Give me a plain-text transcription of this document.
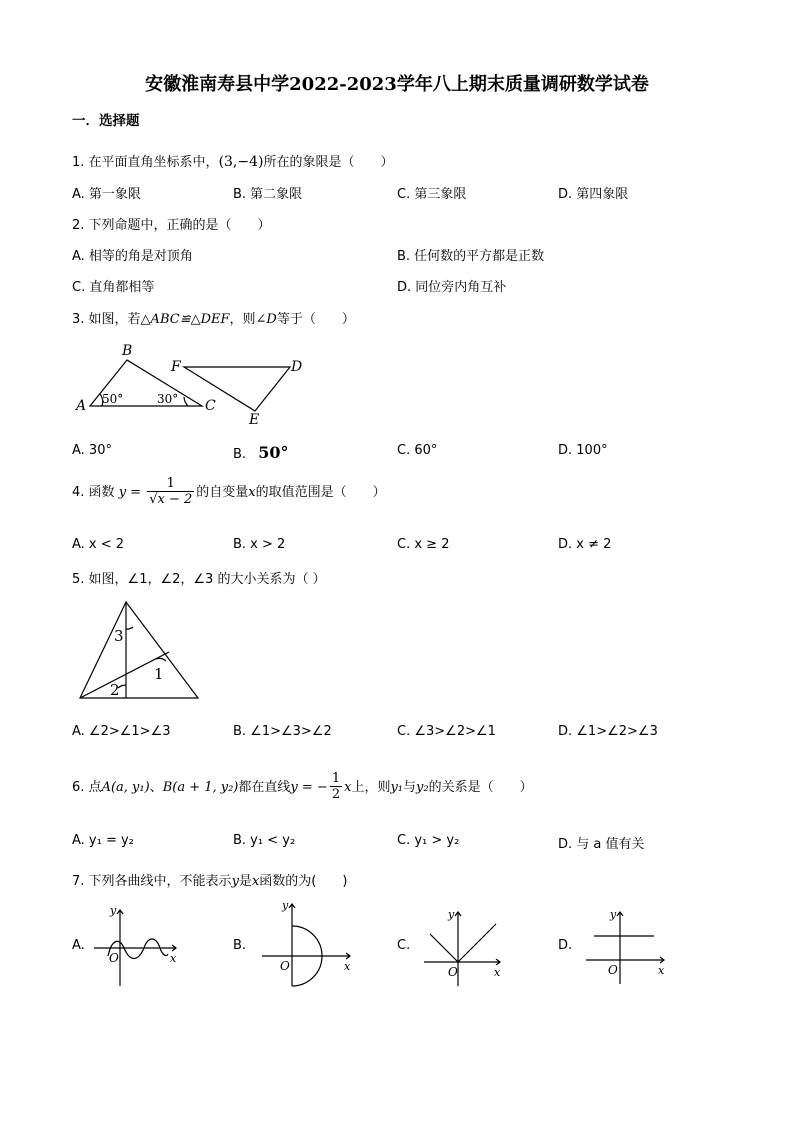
安徽淮南寿县中学2022-2023学年八上期末质量调研数学试卷
一．选择题
1. 在平面直角坐标系中，(3,−4)所在的象限是（　　）
A. 第一象限	B. 第二象限	C. 第三象限	D. 第四象限
2. 下列命题中，正确的是（　　）
A. 相等的角是对顶角	B. 任何数的平方都是正数
C. 直角都相等	D. 同位旁内角互补
3. 如图，若△ABC≌△DEF，则∠D等于（　　）
A
B
C
F	D
E
50°	30°
A. 30°	B. 50°	C. 60°	D. 100°
4. 函数 $y = \frac{1}{√x - 2}$ 的自变量x的取值范围是（　　）
A. x < 2	B. x > 2	C. x ≥ 2	D. x ≠ 2
5. 如图，∠1，∠2，∠3 的大小关系为（ ）
3
1
2
A. ∠2>∠1>∠3	B. ∠1>∠3>∠2	C. ∠3>∠2>∠1	D. ∠1>∠2>∠3
6. 点A(a, y₁)、B(a + 1, y₂)都在直线y = − $\frac{1}{2}$ x上，则y₁与y₂的关系是（　　）
A. y₁ = y₂	B. y₁ < y₂	C. y₁ > y₂	D. 与 a 值有关
7. 下列各曲线中，不能表示y是x函数的为(　　)
A.	B.	C.	D.
y
x
O
y
x
O
y
x
O
y
x
O
